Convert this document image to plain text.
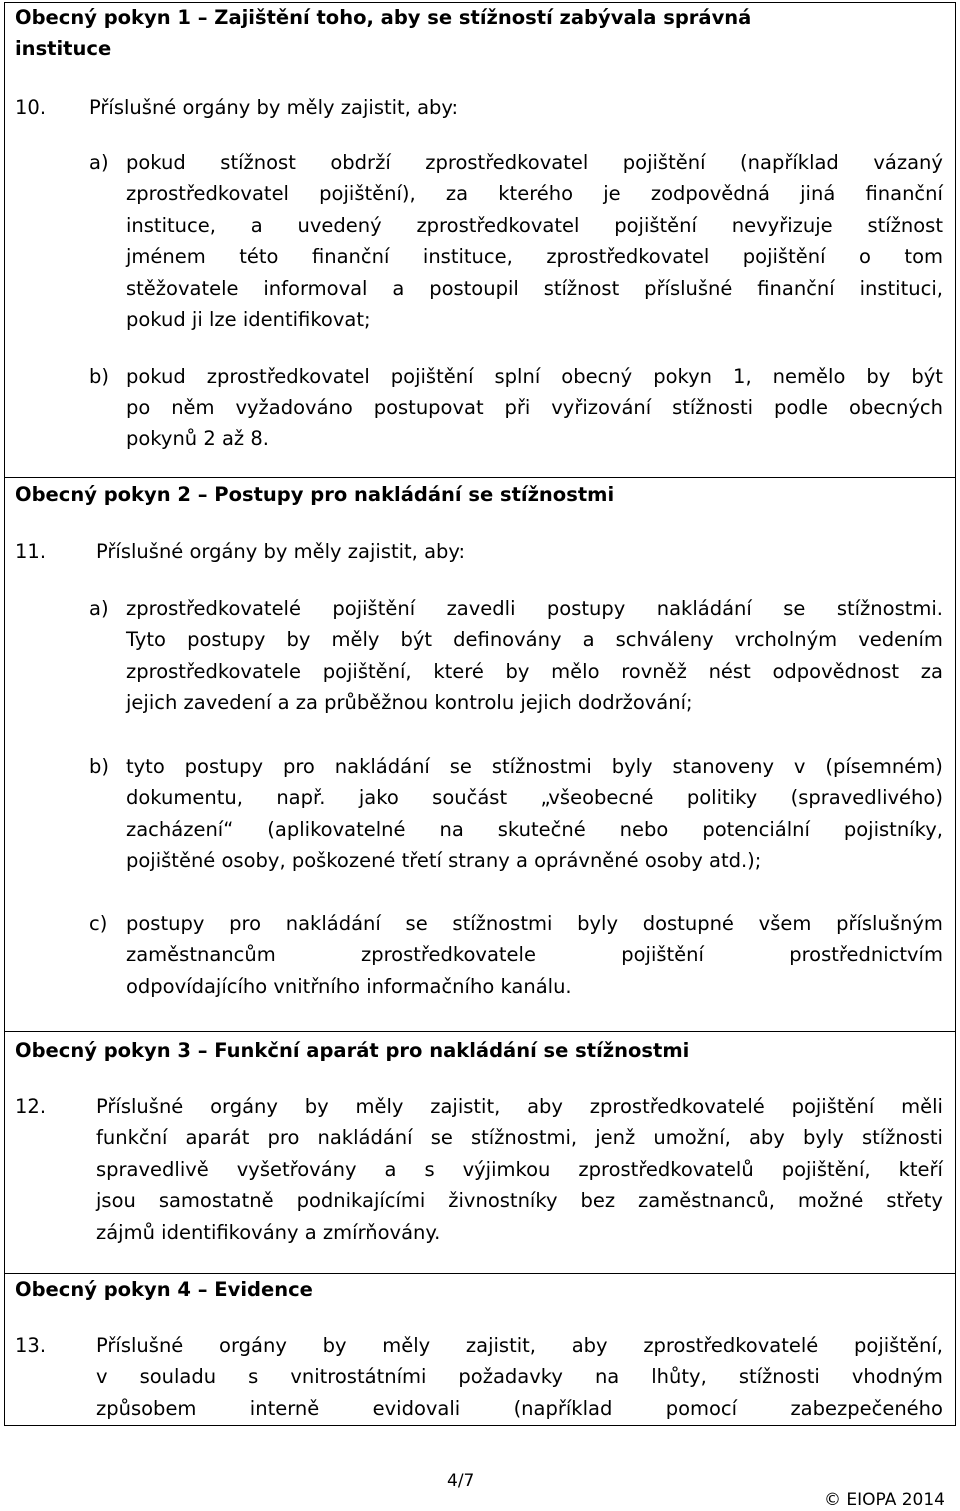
Obecný pokyn 1 – Zajištění toho, aby se stížností zabývala správná
instituce
10. Příslušné orgány by měly zajistit, aby:
a) pokud stížnost obdrží zprostředkovatel pojištění (například vázaný
zprostředkovatel pojištění), za kterého je zodpovědná jiná finanční
instituce, a uvedený zprostředkovatel pojištění nevyřizuje stížnost
jménem této finanční instituce, zprostředkovatel pojištění o tom
stěžovatele informoval a postoupil stížnost příslušné finanční instituci,
pokud ji lze identifikovat;
b) pokud zprostředkovatel pojištění splní obecný pokyn 1, nemělo by být
po něm vyžadováno postupovat při vyřizování stížnosti podle obecných
pokynů 2 až 8.
Obecný pokyn 2 – Postupy pro nakládání se stížnostmi
11.	Příslušné orgány by měly zajistit, aby:
a) zprostředkovatelé pojištění zavedli postupy nakládání se stížnostmi.
Tyto postupy by měly být definovány a schváleny vrcholným vedením
zprostředkovatele pojištění, které by mělo rovněž nést odpovědnost za
jejich zavedení a za průběžnou kontrolu jejich dodržování;
b) tyto postupy pro nakládání se stížnostmi byly stanoveny v (písemném)
dokumentu, např. jako součást „všeobecné politiky (spravedlivého)
zacházení“ (aplikovatelné na skutečné nebo potenciální pojistníky,
pojištěné osoby, poškozené třetí strany a oprávněné osoby atd.);
c) postupy pro nakládání se stížnostmi byly dostupné všem příslušným
zaměstnancům	zprostředkovatele	pojištění	prostřednictvím
odpovídajícího vnitřního informačního kanálu.
Obecný pokyn 3 – Funkční aparát pro nakládání se stížnostmi
12.	Příslušné orgány by měly zajistit, aby zprostředkovatelé pojištění měli
funkční aparát pro nakládání se stížnostmi, jenž umožní, aby byly stížnosti
spravedlivě vyšetřovány a s výjimkou zprostředkovatelů pojištění, kteří
jsou samostatně podnikajícími živnostníky bez zaměstnanců, možné střety
zájmů identifikovány a zmírňovány.
Obecný pokyn 4 – Evidence
13.	Příslušné orgány by měly zajistit, aby zprostředkovatelé pojištění,
v souladu s vnitrostátními požadavky na lhůty, stížnosti vhodným
způsobem	interně	evidovali	(například	pomocí	zabezpečeného
4/7
© EIOPA 2014
